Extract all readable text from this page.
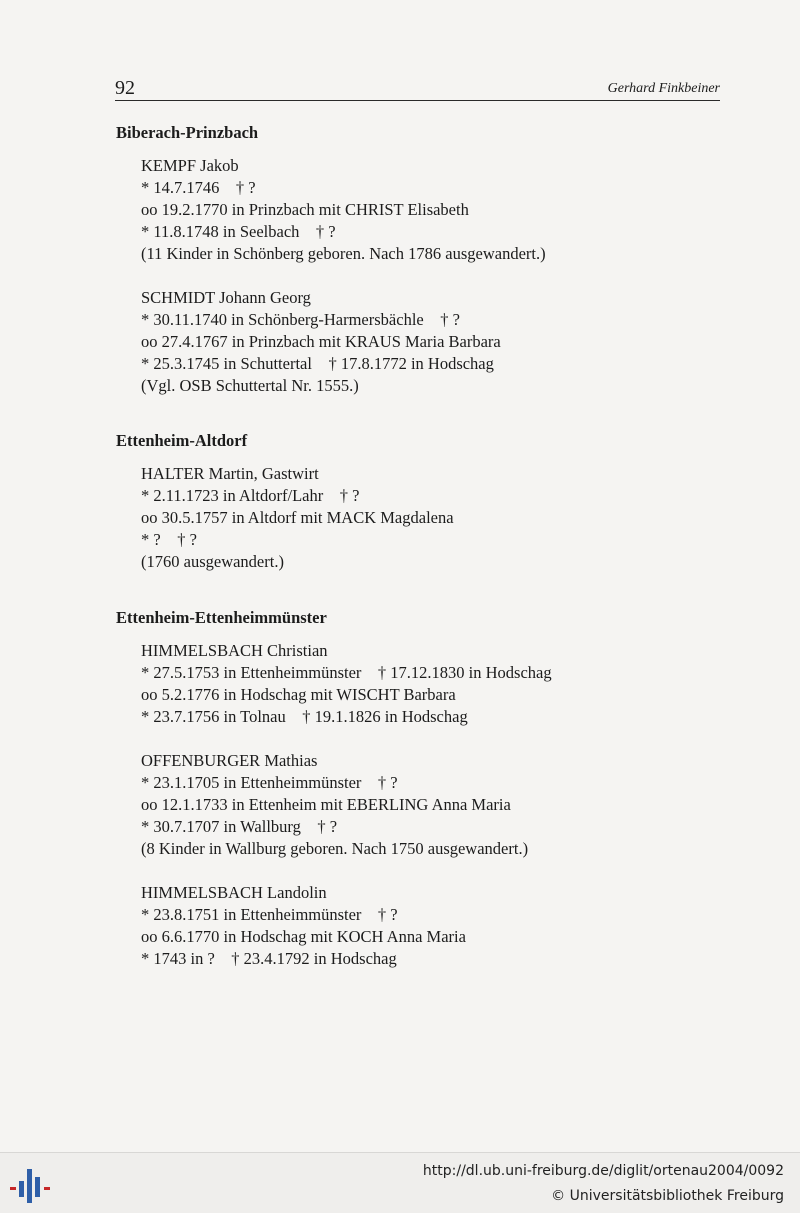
92	Gerhard Finkbeiner

Biberach-Prinzbach

KEMPF Jakob
* 14.7.1746    † ?
oo 19.2.1770 in Prinzbach mit CHRIST Elisabeth
* 11.8.1748 in Seelbach    † ?
(11 Kinder in Schönberg geboren. Nach 1786 ausgewandert.)
SCHMIDT Johann Georg
* 30.11.1740 in Schönberg-Harmersbächle    † ?
oo 27.4.1767 in Prinzbach mit KRAUS Maria Barbara
* 25.3.1745 in Schuttertal    † 17.8.1772 in Hodschag
(Vgl. OSB Schuttertal Nr. 1555.)

Ettenheim-Altdorf

HALTER Martin, Gastwirt
* 2.11.1723 in Altdorf/Lahr    † ?
oo 30.5.1757 in Altdorf mit MACK Magdalena
* ?    † ?
(1760 ausgewandert.)

Ettenheim-Ettenheimmünster

HIMMELSBACH Christian
* 27.5.1753 in Ettenheimmünster    † 17.12.1830 in Hodschag
oo 5.2.1776 in Hodschag mit WISCHT Barbara
* 23.7.1756 in Tolnau    † 19.1.1826 in Hodschag
OFFENBURGER Mathias
* 23.1.1705 in Ettenheimmünster    † ?
oo 12.1.1733 in Ettenheim mit EBERLING Anna Maria
* 30.7.1707 in Wallburg    † ?
(8 Kinder in Wallburg geboren. Nach 1750 ausgewandert.)
HIMMELSBACH Landolin
* 23.8.1751 in Ettenheimmünster    † ?
oo 6.6.1770 in Hodschag mit KOCH Anna Maria
* 1743 in ?    † 23.4.1792 in Hodschag
http://dl.ub.uni-freiburg.de/diglit/ortenau2004/0092
© Universitätsbibliothek Freiburg
